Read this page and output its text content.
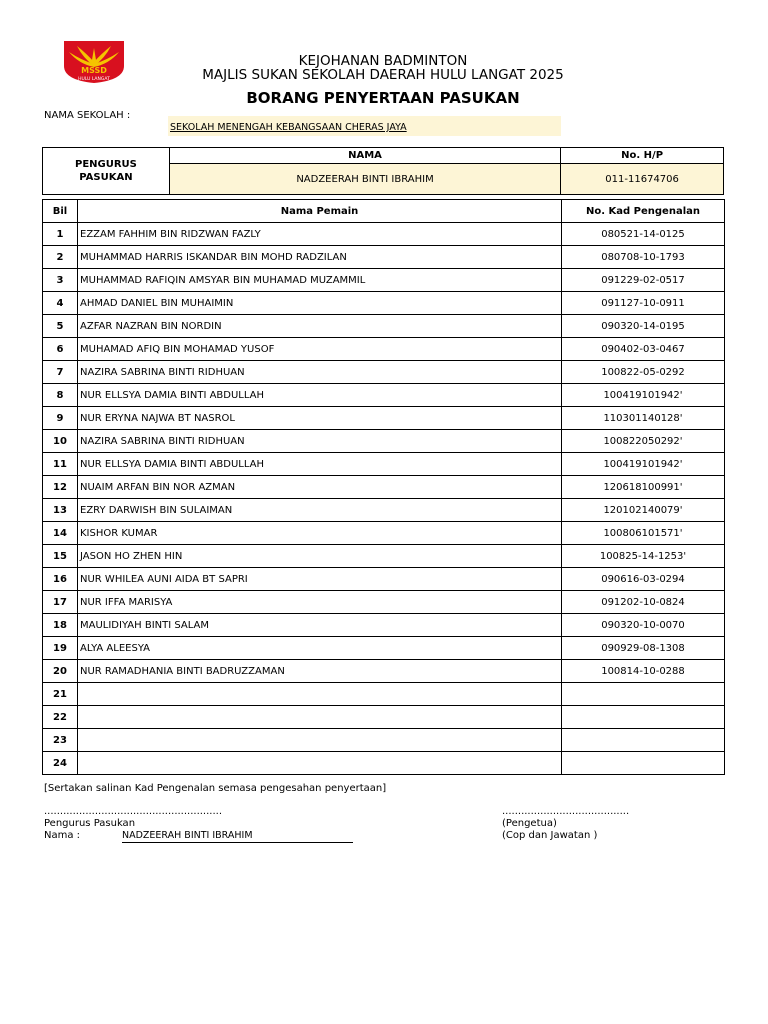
MSSD
HULU LANGAT
KEJOHANAN BADMINTON
MAJLIS SUKAN SEKOLAH DAERAH HULU LANGAT 2025
BORANG PENYERTAAN PASUKAN
NAMA SEKOLAH :
SEKOLAH MENENGAH KEBANGSAAN CHERAS JAYA
PENGURUS
PASUKAN	NAMA	No. H/P
	NADZEERAH BINTI IBRAHIM	011-11674706
Bil	Nama Pemain	No. Kad Pengenalan
1	EZZAM FAHHIM BIN RIDZWAN FAZLY	080521-14-0125
2	MUHAMMAD HARRIS ISKANDAR BIN MOHD RADZILAN	080708-10-1793
3	MUHAMMAD RAFIQIN AMSYAR BIN MUHAMAD MUZAMMIL	091229-02-0517
4	AHMAD DANIEL BIN MUHAIMIN	091127-10-0911
5	AZFAR NAZRAN BIN NORDIN	090320-14-0195
6	MUHAMAD AFIQ BIN MOHAMAD YUSOF	090402-03-0467
7	NAZIRA SABRINA BINTI RIDHUAN	100822-05-0292
8	NUR ELLSYA DAMIA BINTI ABDULLAH	100419101942'
9	NUR ERYNA NAJWA BT NASROL	110301140128'
10	NAZIRA SABRINA BINTI RIDHUAN	100822050292'
11	NUR ELLSYA DAMIA BINTI ABDULLAH	100419101942'
12	NUAIM ARFAN BIN NOR AZMAN	120618100991'
13	EZRY DARWISH BIN SULAIMAN	120102140079'
14	KISHOR KUMAR	100806101571'
15	JASON HO ZHEN HIN	100825-14-1253'
16	NUR WHILEA AUNI AIDA BT SAPRI	090616-03-0294
17	NUR IFFA MARISYA	091202-10-0824
18	MAULIDIYAH BINTI SALAM	090320-10-0070
19	ALYA ALEESYA	090929-08-1308
20	NUR RAMADHANIA BINTI BADRUZZAMAN	100814-10-0288
21		
22		
23		
24		
[Sertakan salinan Kad Pengenalan semasa pengesahan penyertaan]
........................................................	........................................
Pengurus Pasukan	(Pengetua)
Nama :	NADZEERAH BINTI IBRAHIM	(Cop dan Jawatan )
